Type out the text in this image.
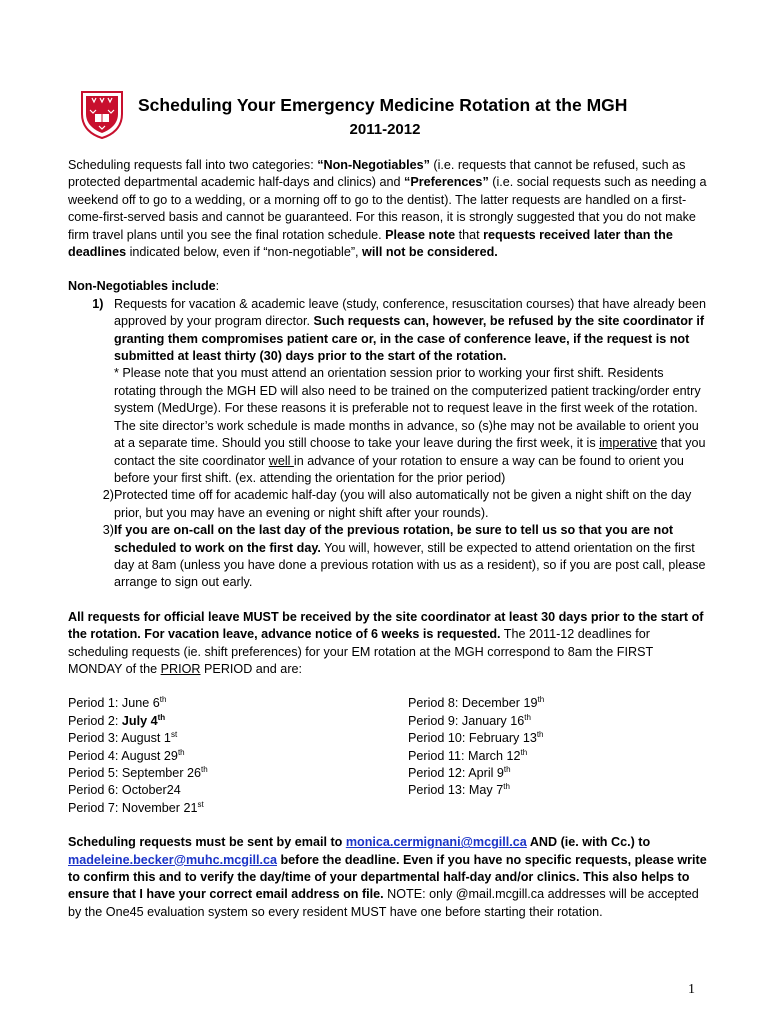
Scheduling Your Emergency Medicine Rotation at the MGH
2011-2012

Scheduling requests fall into two categories: “Non-Negotiables” (i.e. requests that cannot be refused, such as protected departmental academic half-days and clinics) and “Preferences” (i.e. social requests such as needing a weekend off to go to a wedding, or a morning off to go to the dentist). The latter requests are handled on a first-come-first-served basis and cannot be guaranteed. For this reason, it is strongly suggested that you do not make firm travel plans until you see the final rotation schedule. Please note that requests received later than the deadlines indicated below, even if “non-negotiable”, will not be considered.

Non-Negotiables include:

1) Requests for vacation & academic leave (study, conference, resuscitation courses) that have already been approved by your program director. Such requests can, however, be refused by the site coordinator if granting them compromises patient care or, in the case of conference leave, if the request is not submitted at least thirty (30) days prior to the start of the rotation.
* Please note that you must attend an orientation session prior to working your first shift. Residents rotating through the MGH ED will also need to be trained on the computerized patient tracking/order entry system (MedUrge). For these reasons it is preferable not to request leave in the first week of the rotation. The site director’s work schedule is made months in advance, so (s)he may not be available to orient you at a separate time. Should you still choose to take your leave during the first week, it is imperative that you contact the site coordinator well in advance of your rotation to ensure a way can be found to orient you before your first shift. (ex. attending the orientation for the prior period)
2) Protected time off for academic half-day (you will also automatically not be given a night shift on the day prior, but you may have an evening or night shift after your rounds).
3) If you are on-call on the last day of the previous rotation, be sure to tell us so that you are not scheduled to work on the first day. You will, however, still be expected to attend orientation on the first day at 8am (unless you have done a previous rotation with us as a resident), so if you are post call, please arrange to sign out early.

All requests for official leave MUST be received by the site coordinator at least 30 days prior to the start of the rotation. For vacation leave, advance notice of 6 weeks is requested. The 2011-12 deadlines for scheduling requests (ie. shift preferences) for your EM rotation at the MGH correspond to 8am the FIRST MONDAY of the PRIOR PERIOD and are:

Period 1: June 6th
Period 2: July 4th
Period 3: August 1st
Period 4: August 29th
Period 5: September 26th
Period 6: October24
Period 7: November 21st
Period 8: December 19th
Period 9: January 16th
Period 10: February 13th
Period 11: March 12th
Period 12: April 9th
Period 13: May 7th

Scheduling requests must be sent by email to monica.cermignani@mcgill.ca AND (ie. with Cc.) to madeleine.becker@muhc.mcgill.ca before the deadline. Even if you have no specific requests, please write to confirm this and to verify the day/time of your departmental half-day and/or clinics. This also helps to ensure that I have your correct email address on file. NOTE: only @mail.mcgill.ca addresses will be accepted by the One45 evaluation system so every resident MUST have one before starting their rotation.

1
